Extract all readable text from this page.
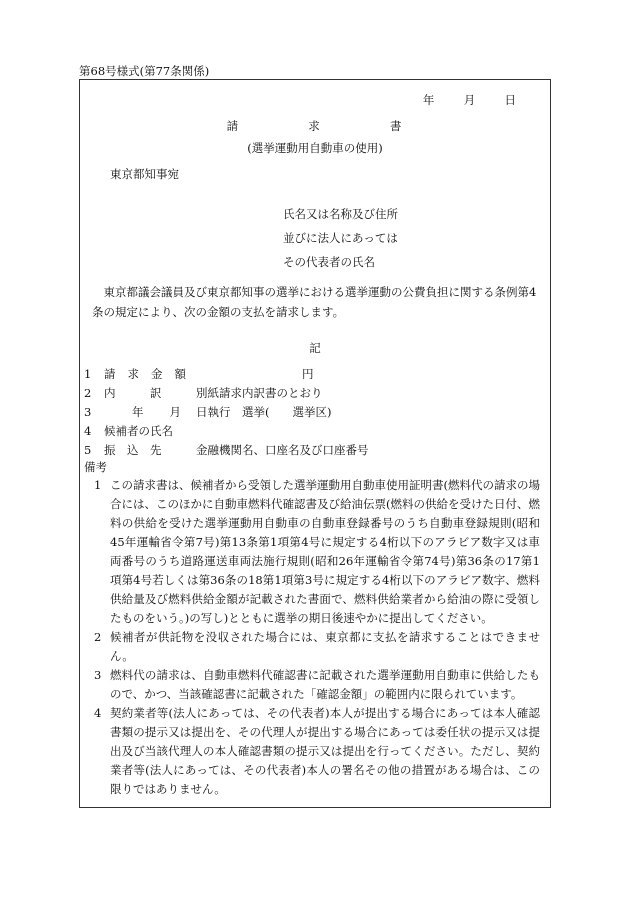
第68号様式(第77条関係)
年	月	日
請	求	書
(選挙運動用自動車の使用)
東京都知事宛
氏名又は名称及び住所
並びに法人にあっては
その代表者の氏名
東京都議会議員及び東京都知事の選挙における選挙運動の公費負担に関する条例第4条の規定により、次の金額の支払を請求します。
記
1	請求金額	円
2	内　　　訳	別紙請求内訳書のとおり
3	年 月	日執行　選挙(　　選挙区)
4	候補者の氏名
5	振　込　先	金融機関名、口座名及び口座番号
備考
1 この請求書は、候補者から受領した選挙運動用自動車使用証明書(燃料代の請求の場合には、このほかに自動車燃料代確認書及び給油伝票(燃料の供給を受けた日付、燃料の供給を受けた選挙運動用自動車の自動車登録番号のうち自動車登録規則(昭和45年運輸省令第7号)第13条第1項第4号に規定する4桁以下のアラビア数字又は車両番号のうち道路運送車両法施行規則(昭和26年運輸省令第74号)第36条の17第1項第4号若しくは第36条の18第1項第3号に規定する4桁以下のアラビア数字、燃料供給量及び燃料供給金額が記載された書面で、燃料供給業者から給油の際に受領したものをいう。)の写し)とともに選挙の期日後速やかに提出してください。
2 候補者が供託物を没収された場合には、東京都に支払を請求することはできません。
3 燃料代の請求は、自動車燃料代確認書に記載された選挙運動用自動車に供給したもので、かつ、当該確認書に記載された「確認金額」の範囲内に限られています。
4 契約業者等(法人にあっては、その代表者)本人が提出する場合にあっては本人確認書類の提示又は提出を、その代理人が提出する場合にあっては委任状の提示又は提出及び当該代理人の本人確認書類の提示又は提出を行ってください。ただし、契約業者等(法人にあっては、その代表者)本人の署名その他の措置がある場合は、この限りではありません。
